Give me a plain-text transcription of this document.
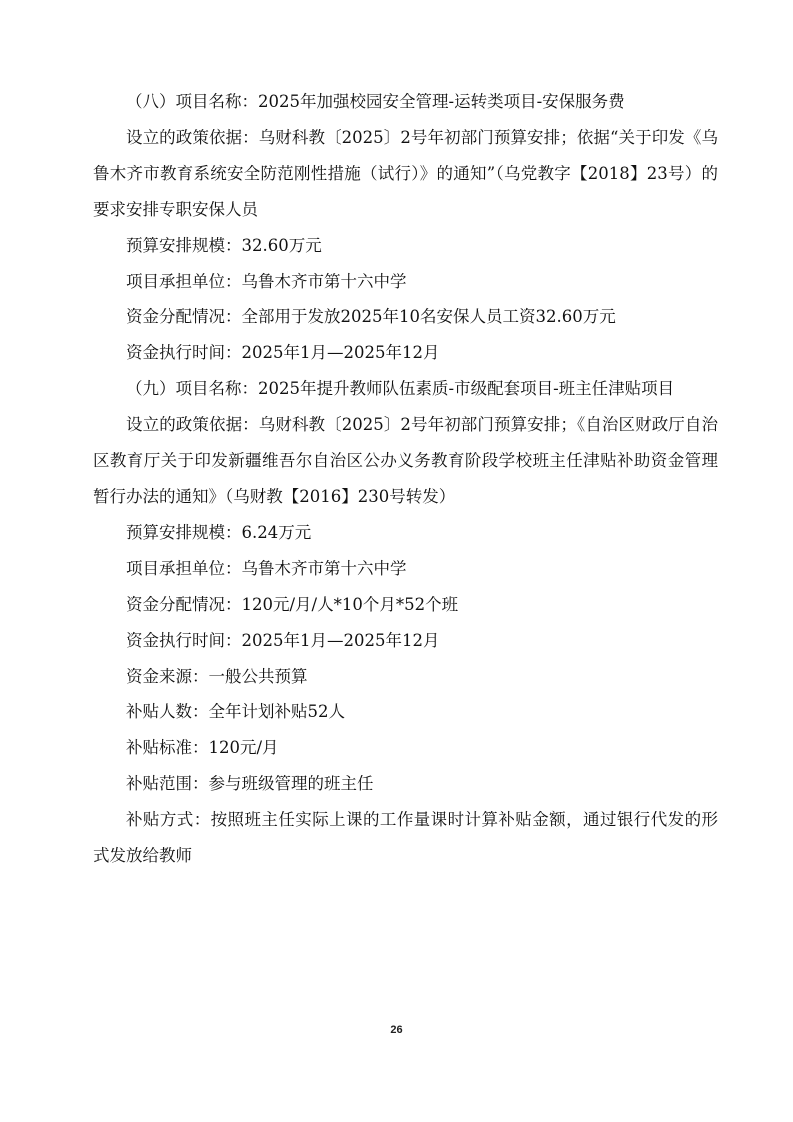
（八）项目名称：2025年加强校园安全管理-运转类项目-安保服务费

设立的政策依据：乌财科教〔2025〕2号年初部门预算安排；依据“关于印发《乌鲁木齐市教育系统安全防范刚性措施（试行）》的通知”（乌党教字【2018】23号）的要求安排专职安保人员

预算安排规模：32.60万元

项目承担单位：乌鲁木齐市第十六中学

资金分配情况：全部用于发放2025年10名安保人员工资32.60万元

资金执行时间：2025年1月—2025年12月

（九）项目名称：2025年提升教师队伍素质-市级配套项目-班主任津贴项目

设立的政策依据：乌财科教〔2025〕2号年初部门预算安排；《自治区财政厅自治区教育厅关于印发新疆维吾尔自治区公办义务教育阶段学校班主任津贴补助资金管理暂行办法的通知》（乌财教【2016】230号转发）

预算安排规模：6.24万元

项目承担单位：乌鲁木齐市第十六中学

资金分配情况：120元/月/人*10个月*52个班

资金执行时间：2025年1月—2025年12月

资金来源：一般公共预算

补贴人数：全年计划补贴52人

补贴标准：120元/月

补贴范围：参与班级管理的班主任

补贴方式：按照班主任实际上课的工作量课时计算补贴金额，通过银行代发的形式发放给教师

26
